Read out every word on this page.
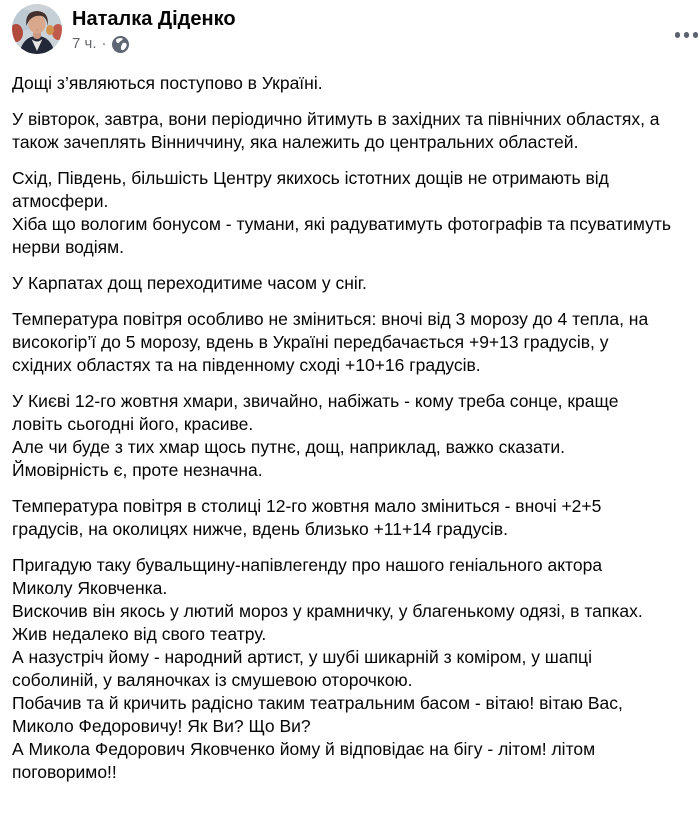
Наталка Діденко
7 ч. ·
Дощі з’являються поступово в Україні.
У вівторок, завтра, вони періодично йтимуть в західних та північних областях, а
також зачеплять Вінниччину, яка належить до центральних областей.
Схід, Південь, більшість Центру якихось істотних дощів не отримають від
атмосфери.
Хіба що вологим бонусом - тумани, які радуватимуть фотографів та псуватимуть
нерви водіям.
У Карпатах дощ переходитиме часом у сніг.
Температура повітря особливо не зміниться: вночі від 3 морозу до 4 тепла, на
високогір’ї до 5 морозу, вдень в Україні передбачається +9+13 градусів, у
східних областях та на південному сході +10+16 градусів.
У Києві 12-го жовтня хмари, звичайно, набіжать - кому треба сонце, краще
ловіть сьогодні його, красиве.
Але чи буде з тих хмар щось путнє, дощ, наприклад, важко сказати.
Ймовірність є, проте незначна.
Температура повітря в столиці 12-го жовтня мало зміниться - вночі +2+5
градусів, на околицях нижче, вдень близько +11+14 градусів.
Пригадую таку бувальщину-напівлегенду про нашого геніального актора
Миколу Яковченка.
Вискочив він якось у лютий мороз у крамничку, у благенькому одязі, в тапках.
Жив недалеко від свого театру.
А назустріч йому - народний артист, у шубі шикарній з коміром, у шапці
соболиній, у валяночках із смушевою оторочкою.
Побачив та й кричить радісно таким театральним басом - вітаю! вітаю Вас,
Миколо Федоровичу! Як Ви? Що Ви?
А Микола Федорович Яковченко йому й відповідає на бігу - літом! літом
поговоримо!!
